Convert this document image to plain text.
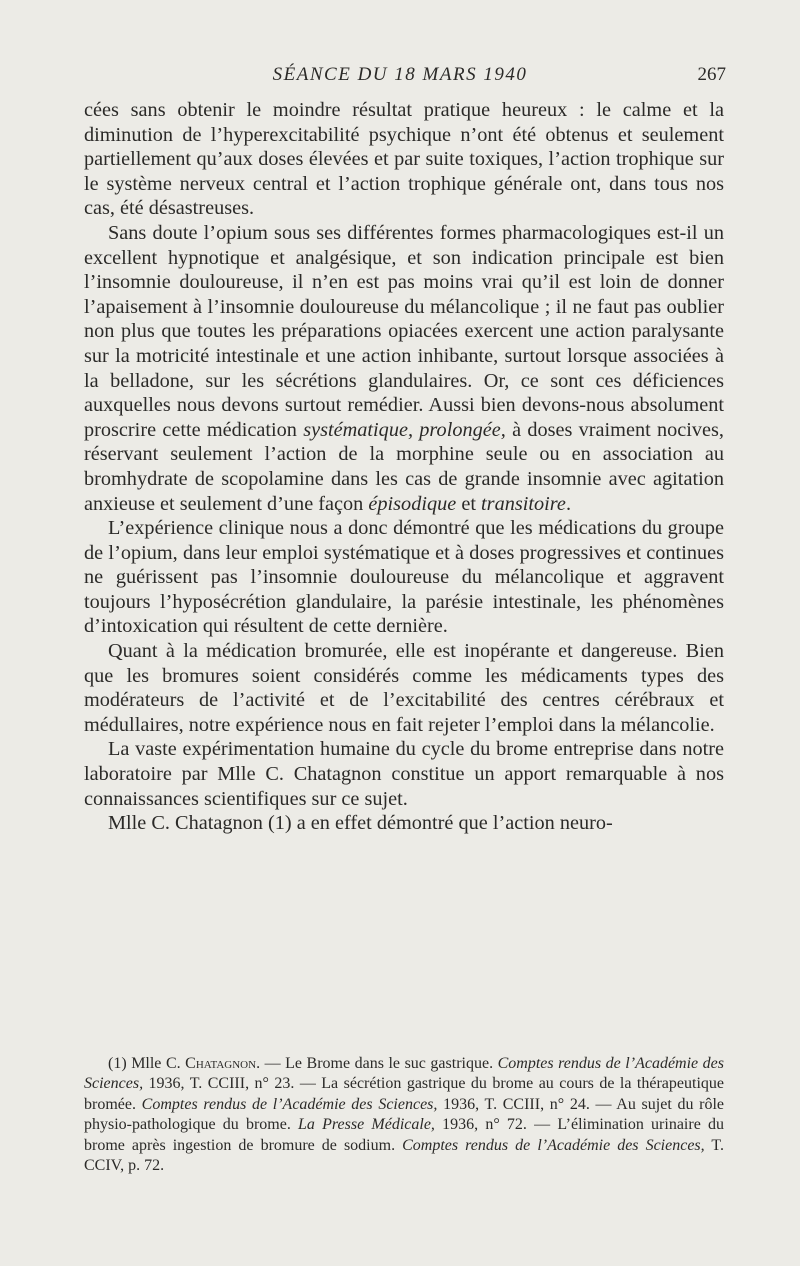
SÉANCE DU 18 MARS 1940	267

cées sans obtenir le moindre résultat pratique heureux : le calme et la diminution de l’hyperexcitabilité psychique n’ont été obtenus et seulement partiellement qu’aux doses élevées et par suite toxiques, l’action trophique sur le système nerveux central et l’action trophique générale ont, dans tous nos cas, été désastreuses.

Sans doute l’opium sous ses différentes formes pharmacologiques est-il un excellent hypnotique et analgésique, et son indication principale est bien l’insomnie douloureuse, il n’en est pas moins vrai qu’il est loin de donner l’apaisement à l’insomnie douloureuse du mélancolique ; il ne faut pas oublier non plus que toutes les préparations opiacées exercent une action paralysante sur la motricité intestinale et une action inhibante, surtout lorsque associées à la belladone, sur les sécrétions glandulaires. Or, ce sont ces déficiences auxquelles nous devons surtout remédier. Aussi bien devons-nous absolument proscrire cette médication systématique, prolongée, à doses vraiment nocives, réservant seulement l’action de la morphine seule ou en association au bromhydrate de scopolamine dans les cas de grande insomnie avec agitation anxieuse et seulement d’une façon épisodique et transitoire.

L’expérience clinique nous a donc démontré que les médications du groupe de l’opium, dans leur emploi systématique et à doses progressives et continues ne guérissent pas l’insomnie douloureuse du mélancolique et aggravent toujours l’hyposécrétion glandulaire, la parésie intestinale, les phénomènes d’intoxication qui résultent de cette dernière.

Quant à la médication bromurée, elle est inopérante et dangereuse. Bien que les bromures soient considérés comme les médicaments types des modérateurs de l’activité et de l’excitabilité des centres cérébraux et médullaires, notre expérience nous en fait rejeter l’emploi dans la mélancolie.

La vaste expérimentation humaine du cycle du brome entreprise dans notre laboratoire par Mlle C. Chatagnon constitue un apport remarquable à nos connaissances scientifiques sur ce sujet.

Mlle C. Chatagnon (1) a en effet démontré que l’action neuro-

(1) Mlle C. Chatagnon. — Le Brome dans le suc gastrique. Comptes rendus de l’Académie des Sciences, 1936, T. CCIII, n° 23. — La sécrétion gastrique du brome au cours de la thérapeutique bromée. Comptes rendus de l’Académie des Sciences, 1936, T. CCIII, n° 24. — Au sujet du rôle physio-pathologique du brome. La Presse Médicale, 1936, n° 72. — L’élimination urinaire du brome après ingestion de bromure de sodium. Comptes rendus de l’Académie des Sciences, T. CCIV, p. 72.
